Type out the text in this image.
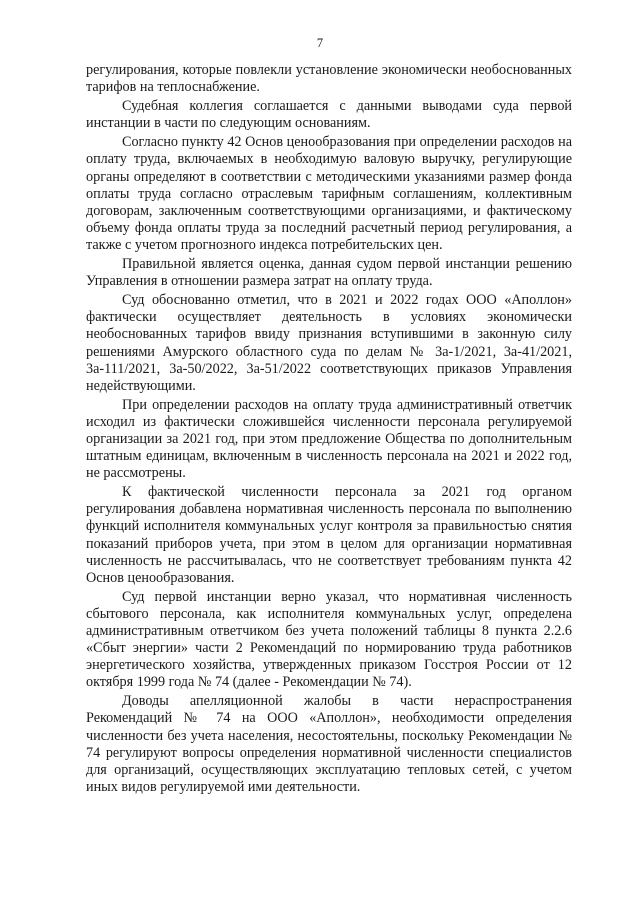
7

регулирования, которые повлекли установление экономически необоснованных тарифов на теплоснабжение.

Судебная коллегия соглашается с данными выводами суда первой инстанции в части по следующим основаниям.

Согласно пункту 42 Основ ценообразования при определении расходов на оплату труда, включаемых в необходимую валовую выручку, регулирующие органы определяют в соответствии с методическими указаниями размер фонда оплаты труда согласно отраслевым тарифным соглашениям, коллективным договорам, заключенным соответствующими организациями, и фактическому объему фонда оплаты труда за последний расчетный период регулирования, а также с учетом прогнозного индекса потребительских цен.

Правильной является оценка, данная судом первой инстанции решению Управления в отношении размера затрат на оплату труда.

Суд обоснованно отметил, что в 2021 и 2022 годах ООО «Аполлон» фактически осуществляет деятельность в условиях экономически необоснованных тарифов ввиду признания вступившими в законную силу решениями Амурского областного суда по делам № 3а-1/2021, 3а-41/2021, 3а-111/2021, 3а-50/2022, 3а-51/2022 соответствующих приказов Управления недействующими.

При определении расходов на оплату труда административный ответчик исходил из фактически сложившейся численности персонала регулируемой организации за 2021 год, при этом предложение Общества по дополнительным штатным единицам, включенным в численность персонала на 2021 и 2022 год, не рассмотрены.

К фактической численности персонала за 2021 год органом регулирования добавлена нормативная численность персонала по выполнению функций исполнителя коммунальных услуг контроля за правильностью снятия показаний приборов учета, при этом в целом для организации нормативная численность не рассчитывалась, что не соответствует требованиям пункта 42 Основ ценообразования.

Суд первой инстанции верно указал, что нормативная численность сбытового персонала, как исполнителя коммунальных услуг, определена административным ответчиком без учета положений таблицы 8 пункта 2.2.6 «Сбыт энергии» части 2 Рекомендаций по нормированию труда работников энергетического хозяйства, утвержденных приказом Госстроя России от 12 октября 1999 года № 74 (далее - Рекомендации № 74).

Доводы апелляционной жалобы в части нераспространения Рекомендаций № 74 на ООО «Аполлон», необходимости определения численности без учета населения, несостоятельны, поскольку Рекомендации № 74 регулируют вопросы определения нормативной численности специалистов для организаций, осуществляющих эксплуатацию тепловых сетей, с учетом иных видов регулируемой ими деятельности.
